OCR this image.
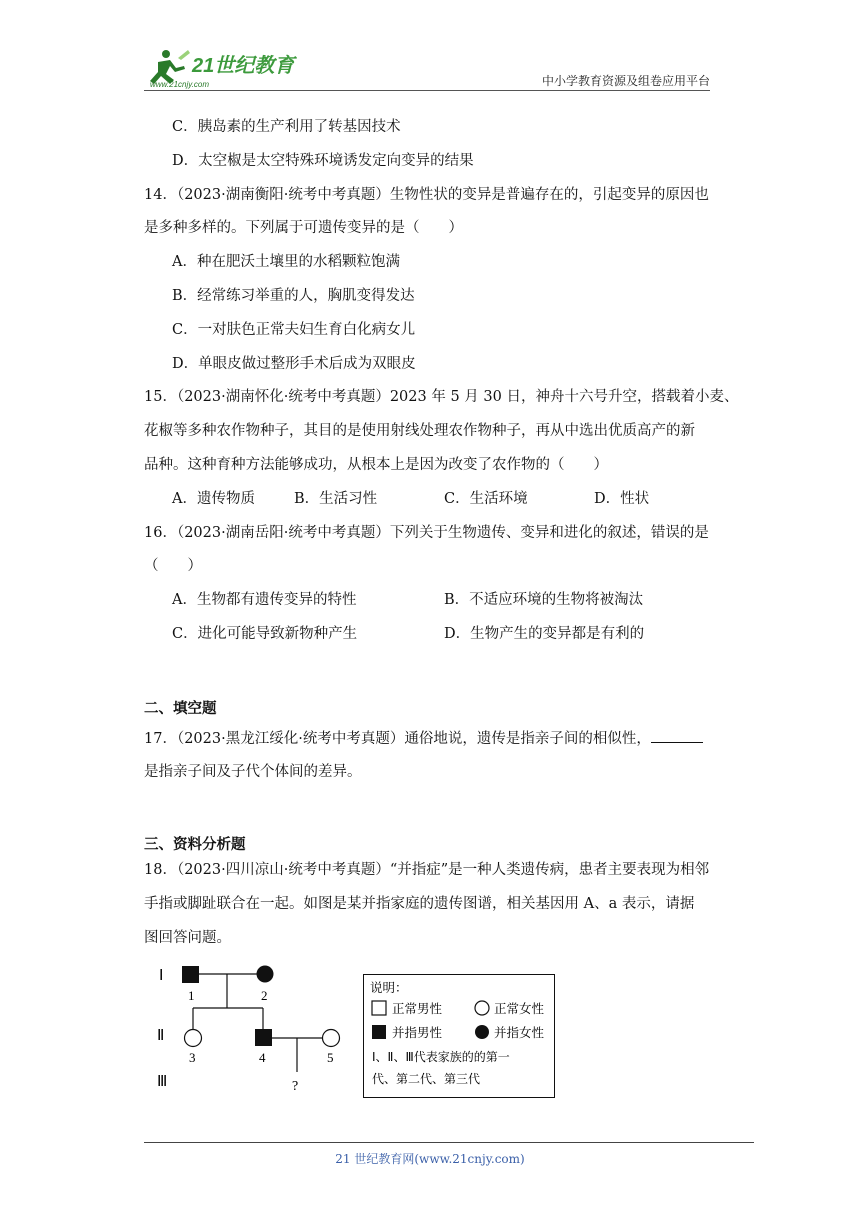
21世纪教育
www.21cnjy.com	中小学教育资源及组卷应用平台
C．胰岛素的生产利用了转基因技术
D．太空椒是太空特殊环境诱发定向变异的结果
14．（2023·湖南衡阳·统考中考真题）生物性状的变异是普遍存在的，引起变异的原因也
是多种多样的。下列属于可遗传变异的是（　　）
A．种在肥沃土壤里的水稻颗粒饱满
B．经常练习举重的人，胸肌变得发达
C．一对肤色正常夫妇生育白化病女儿
D．单眼皮做过整形手术后成为双眼皮
15．（2023·湖南怀化·统考中考真题）2023 年 5 月 30 日，神舟十六号升空，搭载着小麦、
花椒等多种农作物种子，其目的是使用射线处理农作物种子，再从中选出优质高产的新
品种。这种育种方法能够成功，从根本上是因为改变了农作物的（　　）
A．遗传物质	B．生活习性	C．生活环境	D．性状
16．（2023·湖南岳阳·统考中考真题）下列关于生物遗传、变异和进化的叙述，错误的是
（　　）
A．生物都有遗传变异的特性	B．不适应环境的生物将被淘汰
C．进化可能导致新物种产生	D．生物产生的变异都是有利的
二、填空题
17．（2023·黑龙江绥化·统考中考真题）通俗地说，遗传是指亲子间的相似性，
是指亲子间及子代个体间的差异。
三、资料分析题
18．（2023·四川凉山·统考中考真题）“并指症”是一种人类遗传病，患者主要表现为相邻
手指或脚趾联合在一起。如图是某并指家庭的遗传图谱，相关基因用 A、a 表示，请据
图回答问题。
Ⅰ
Ⅱ
Ⅲ
1	2
3	4	5
?
说明：
正常男性	正常女性
并指男性	并指女性
Ⅰ、Ⅱ、Ⅲ代表家族的的第一
代、第二代、第三代
21 世纪教育网(www.21cnjy.com)
